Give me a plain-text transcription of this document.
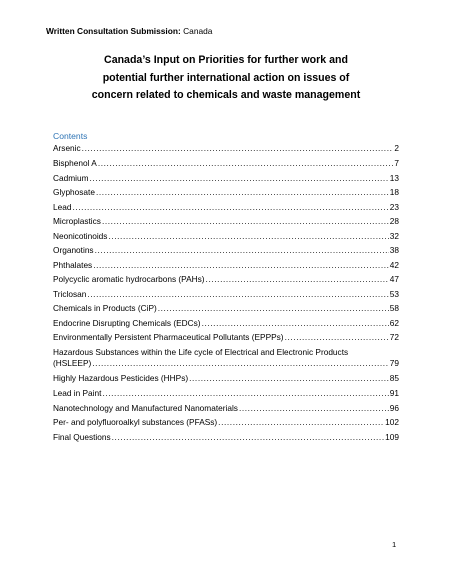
Written Consultation Submission: Canada
Canada’s Input on Priorities for further work and
potential further international action on issues of
concern related to chemicals and waste management
Contents
Arsenic .....	2
Bisphenol A .....	7
Cadmium .....	13
Glyphosate .....	18
Lead .....	23
Microplastics .....	28
Neonicotinoids .....	32
Organotins .....	38
Phthalates .....	42
Polycyclic aromatic hydrocarbons (PAHs) .....	47
Triclosan .....	53
Chemicals in Products (CiP) .....	58
Endocrine Disrupting Chemicals (EDCs) .....	62
Environmentally Persistent Pharmaceutical Pollutants (EPPPs) .....	72
Hazardous Substances within the Life cycle of Electrical and Electronic Products
(HSLEEP) .....	79
Highly Hazardous Pesticides (HHPs) .....	85
Lead in Paint .....	91
Nanotechnology and Manufactured Nanomaterials .....	96
Per- and polyfluoroalkyl substances (PFASs) .....	102
Final Questions .....	109
1
